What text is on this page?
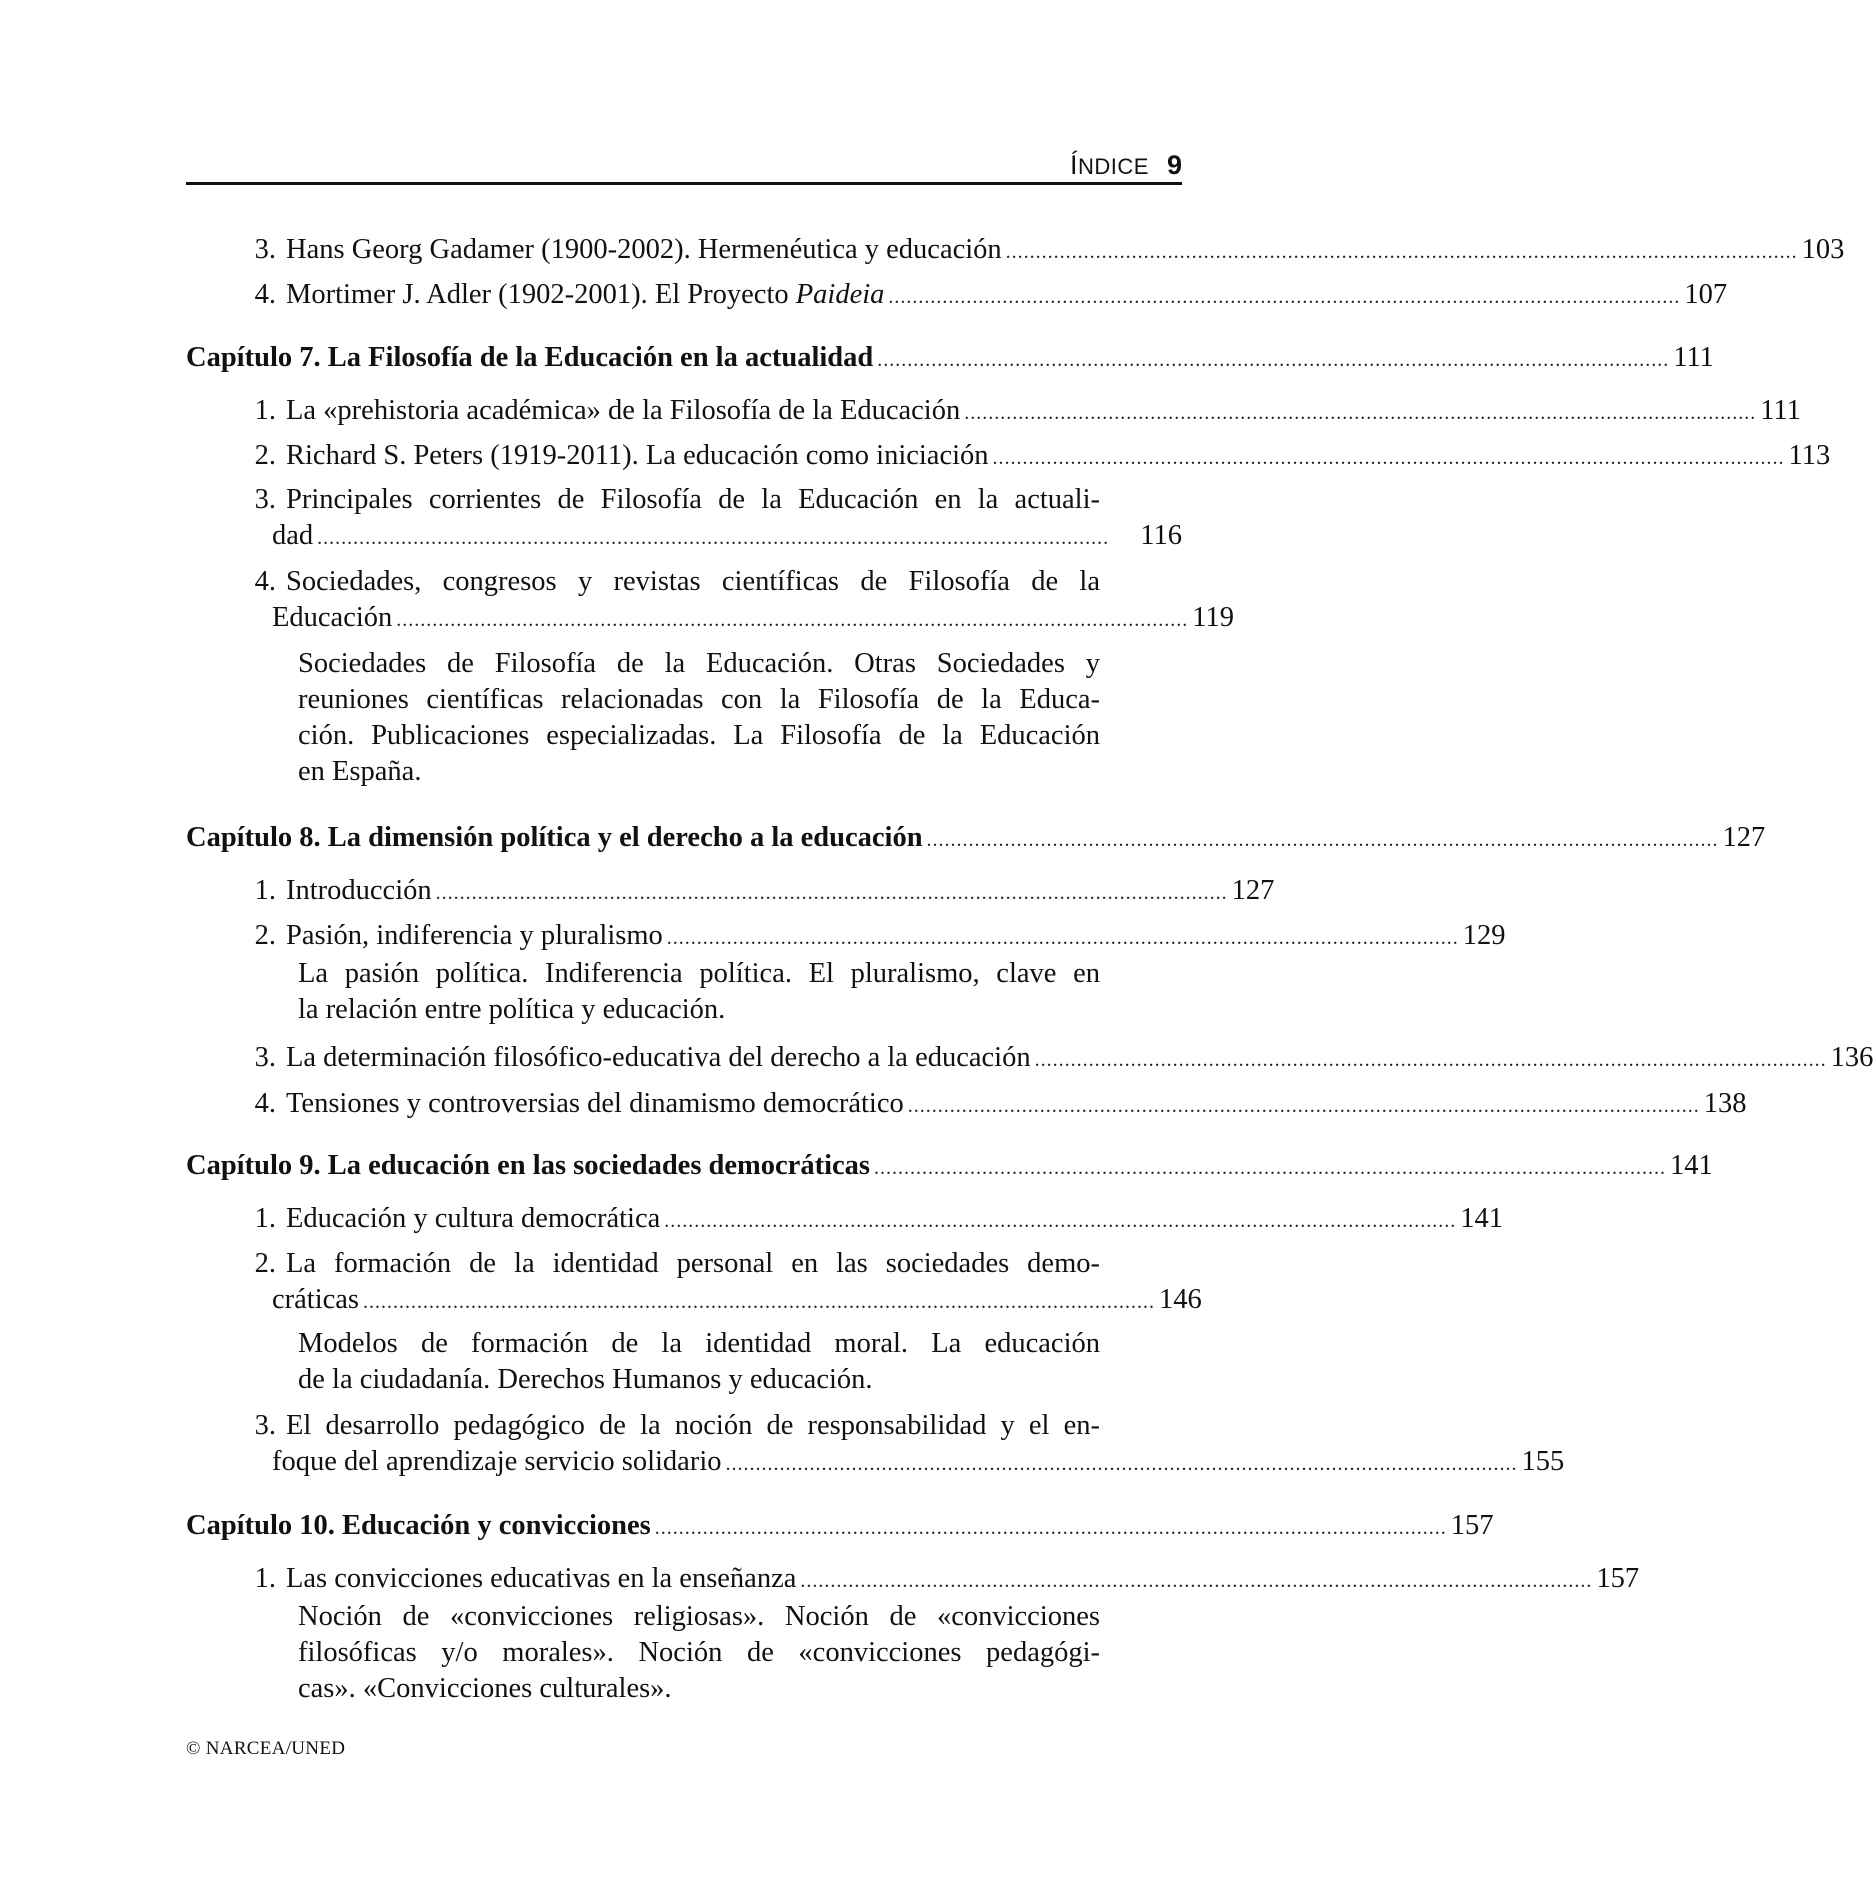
ÍNDICE 9
3. Hans Georg Gadamer (1900-2002). Hermenéutica y educación .................................................................................................................................... 103
4. Mortimer J. Adler (1902-2001). El Proyecto Paideia .................................................................................................................................... 107
Capítulo 7. La Filosofía de la Educación en la actualidad .................................................................................................................................... 111
1. La «prehistoria académica» de la Filosofía de la Educación .................................................................................................................................... 111
2. Richard S. Peters (1919-2011). La educación como iniciación .................................................................................................................................... 113
3. Principales corrientes de Filosofía de la Educación en la actuali-
dad ....................................................................................................................................	116
4. Sociedades, congresos y revistas científicas de Filosofía de la
Educación .................................................................................................................................... 119
Sociedades de Filosofía de la Educación. Otras Sociedades y
reuniones científicas relacionadas con la Filosofía de la Educa-
ción. Publicaciones especializadas. La Filosofía de la Educación
en España.
Capítulo 8. La dimensión política y el derecho a la educación .................................................................................................................................... 127
1. Introducción .................................................................................................................................... 127
2. Pasión, indiferencia y pluralismo .................................................................................................................................... 129
La pasión política. Indiferencia política. El pluralismo, clave en
la relación entre política y educación.
3. La determinación filosófico-educativa del derecho a la educación .................................................................................................................................... 136
4. Tensiones y controversias del dinamismo democrático .................................................................................................................................... 138
Capítulo 9. La educación en las sociedades democráticas .................................................................................................................................... 141
1. Educación y cultura democrática .................................................................................................................................... 141
2. La formación de la identidad personal en las sociedades demo-
cráticas .................................................................................................................................... 146
Modelos de formación de la identidad moral. La educación
de la ciudadanía. Derechos Humanos y educación.
3. El desarrollo pedagógico de la noción de responsabilidad y el en-
foque del aprendizaje servicio solidario .................................................................................................................................... 155
Capítulo 10. Educación y convicciones .................................................................................................................................... 157
1. Las convicciones educativas en la enseñanza .................................................................................................................................... 157
Noción de «convicciones religiosas». Noción de «convicciones
filosóficas y/o morales». Noción de «convicciones pedagógi-
cas». «Convicciones culturales».
© NARCEA/UNED
